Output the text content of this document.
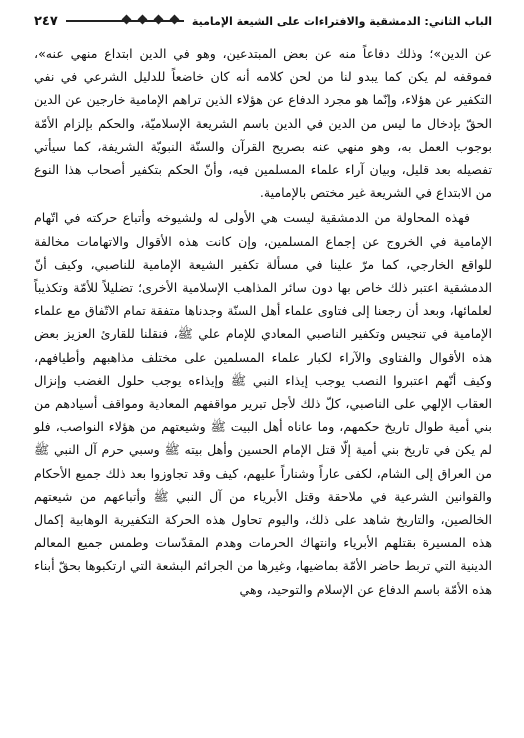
الباب الثاني: الدمشقية والافتراءات على الشيعة الإمامية
٢٤٧

عن الدين»؛ وذلك دفاعاً منه عن بعض المبتدعين، وهو في الدين ابتداع منهي عنه»، فموقفه لم يكن كما يبدو لنا من لحن كلامه أنه كان خاضعاً للدليل الشرعي في نفي التكفير عن هؤلاء، وإنّما هو مجرد الدفاع عن هؤلاء الذين تراهم الإمامية خارجين عن الدين الحقّ بإدخال ما ليس من الدين في الدين باسم الشريعة الإسلاميّة، والحكم بإلزام الأمّة بوجوب العمل به، وهو منهي عنه بصريح القرآن والسنّة النبويّة الشريفة، كما سيأتي تفصيله بعد قليل، وبيان آراء علماء المسلمين فيه، وأنّ الحكم بتكفير أصحاب هذا النوع من الابتداع في الشريعة غير مختص بالإمامية.

فهذه المحاولة من الدمشقية ليست هي الأولى له ولشيوخه وأتباع حركته في اتّهام الإمامية في الخروج عن إجماع المسلمين، وإن كانت هذه الأقوال والاتهامات مخالفة للواقع الخارجي، كما مرّ علينا في مسألة تكفير الشيعة الإمامية للناصبي، وكيف أنّ الدمشقية اعتبر ذلك خاص بها دون سائر المذاهب الإسلامية الأخرى؛ تضليلاً للأمّة وتكذيباً لعلمائها، وبعد أن رجعنا إلى فتاوى علماء أهل السنّة وجدناها متفقة تمام الاتّفاق مع علماء الإمامية في تنجيس وتكفير الناصبي المعادي للإمام علي ﷺ، فنقلنا للقارئ العزيز بعض هذه الأقوال والفتاوى والآراء لكبار علماء المسلمين على مختلف مذاهبهم وأطيافهم، وكيف أنّهم اعتبروا النصب يوجب إيذاء النبي ﷺ وإيذاءه يوجب حلول الغضب وإنزال العقاب الإلهي على الناصبي، كلّ ذلك لأجل تبرير مواقفهم المعادية ومواقف أسيادهم من بني أمية طوال تاريخ حكمهم، وما عاناه أهل البيت ﷺ وشيعتهم من هؤلاء النواصب، فلو لم يكن في تاريخ بني أمية إلّا قتل الإمام الحسين وأهل بيته ﷺ وسبي حرم آل النبي ﷺ من العراق إلى الشام، لكفى عاراً وشناراً عليهم، كيف وقد تجاوزوا بعد ذلك جميع الأحكام والقوانين الشرعية في ملاحقة وقتل الأبرياء من آل النبي ﷺ وأتباعهم من شيعتهم الخالصين، والتاريخ شاهد على ذلك، واليوم تحاول هذه الحركة التكفيرية الوهابية إكمال هذه المسيرة بقتلهم الأبرياء وانتهاك الحرمات وهدم المقدّسات وطمس جميع المعالم الدينية التي تربط حاضر الأمّة بماضيها، وغيرها من الجرائم البشعة التي ارتكبوها بحقّ أبناء هذه الأمّة باسم الدفاع عن الإسلام والتوحيد، وهي
